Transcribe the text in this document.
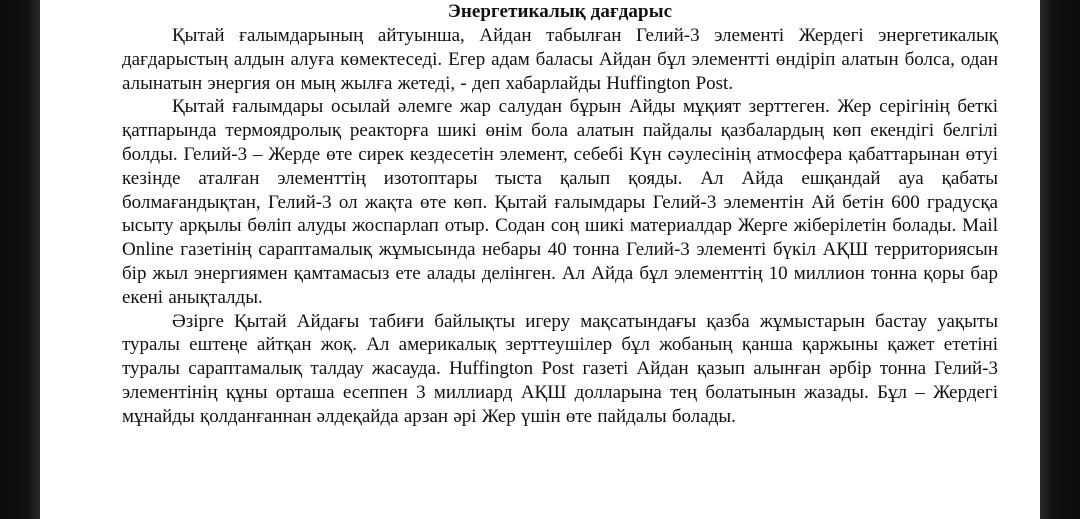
Энергетикалық дағдарыс

Қытай ғалымдарының айтуынша, Айдан табылған Гелий-3 элементі Жердегі энергетикалық дағдарыстың алдын алуға көмектеседі. Егер адам баласы Айдан бұл элементті өндіріп алатын болса, одан алынатын энергия он мың жылға жетеді, - деп хабарлайды Huffington Post.

Қытай ғалымдары осылай әлемге жар салудан бұрын Айды мұқият зерттеген. Жер серігінің беткі қатпарында термоядролық реакторға шикі өнім бола алатын пайдалы қазбалардың көп екендігі белгілі болды. Гелий-3 – Жерде өте сирек кездесетін элемент, себебі Күн сәулесінің атмосфера қабаттарынан өтуі кезінде аталған элементтің изотоптары тыста қалып қояды. Ал Айда ешқандай ауа қабаты болмағандықтан, Гелий-3 ол жақта өте көп. Қытай ғалымдары Гелий-3 элементін Ай бетін 600 градусқа ысыту арқылы бөліп алуды жоспарлап отыр. Содан соң шикі материалдар Жерге жіберілетін болады. Mail Online газетінің сараптамалық жұмысында небары 40 тонна Гелий-3 элементі бүкіл АҚШ территориясын бір жыл энергиямен қамтамасыз ете алады делінген. Ал Айда бұл элементтің 10 миллион тонна қоры бар екені анықталды.

Әзірге Қытай Айдағы табиғи байлықты игеру мақсатындағы қазба жұмыстарын бастау уақыты туралы ештеңе айтқан жоқ. Ал америкалық зерттеушілер бұл жобаның қанша қаржыны қажет ететіні туралы сараптамалық талдау жасауда. Huffington Post газеті Айдан қазып алынған әрбір тонна Гелий-3 элементінің құны орташа есеппен 3 миллиард АҚШ долларына тең болатынын жазады. Бұл – Жердегі мұнайды қолданғаннан әлдеқайда арзан әрі Жер үшін өте пайдалы болады.
